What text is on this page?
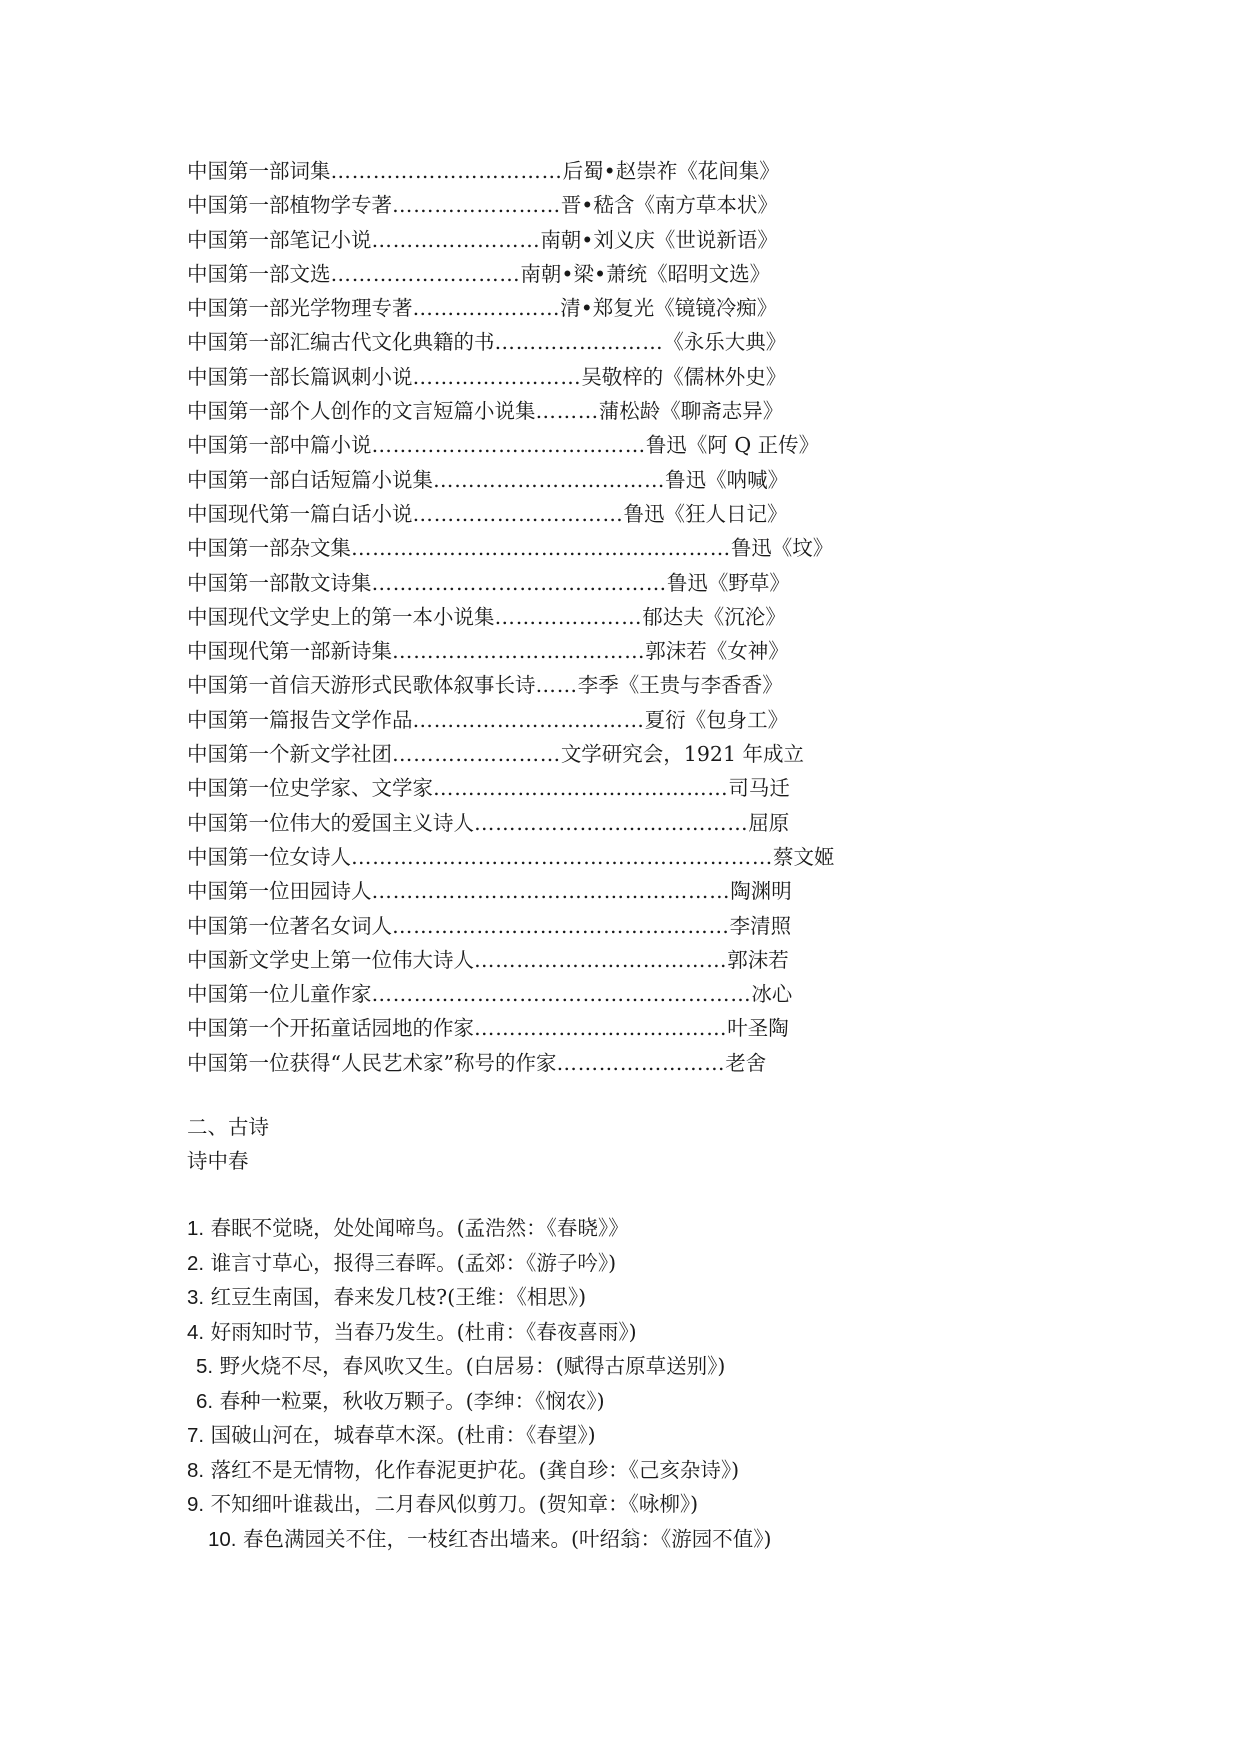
中国第一部词集……………………………后蜀•赵崇祚《花间集》
中国第一部植物学专著……………………晋•嵇含《南方草本状》
中国第一部笔记小说……………………南朝•刘义庆《世说新语》
中国第一部文选………………………南朝•梁•萧统《昭明文选》
中国第一部光学物理专著…………………清•郑复光《镜镜冷痴》
中国第一部汇编古代文化典籍的书……………………《永乐大典》
中国第一部长篇讽刺小说……………………吴敬梓的《儒林外史》
中国第一部个人创作的文言短篇小说集………蒲松龄《聊斋志异》
中国第一部中篇小说…………………………………鲁迅《阿 Q 正传》
中国第一部白话短篇小说集……………………………鲁迅《呐喊》
中国现代第一篇白话小说…………………………鲁迅《狂人日记》
中国第一部杂文集………………………………………………鲁迅《坟》
中国第一部散文诗集……………………………………鲁迅《野草》
中国现代文学史上的第一本小说集…………………郁达夫《沉沦》
中国现代第一部新诗集………………………………郭沫若《女神》
中国第一首信天游形式民歌体叙事长诗……李季《王贵与李香香》
中国第一篇报告文学作品……………………………夏衍《包身工》
中国第一个新文学社团……………………文学研究会，1921 年成立
中国第一位史学家、文学家……………………………………司马迁
中国第一位伟大的爱国主义诗人…………………………………屈原
中国第一位女诗人……………………………………………………蔡文姬
中国第一位田园诗人……………………………………………陶渊明
中国第一位著名女词人…………………………………………李清照
中国新文学史上第一位伟大诗人………………………………郭沫若
中国第一位儿童作家………………………………………………冰心
中国第一个开拓童话园地的作家………………………………叶圣陶
中国第一位获得“人民艺术家”称号的作家……………………老舍
二、古诗
诗中春
1. 春眠不觉晓，处处闻啼鸟。(孟浩然：《春晓》》
2. 谁言寸草心，报得三春晖。(孟郊：《游子吟》)
3. 红豆生南国，春来发几枝?(王维：《相思》)
4. 好雨知时节，当春乃发生。(杜甫：《春夜喜雨》)
5. 野火烧不尽，春风吹又生。(白居易：(赋得古原草送别》)
6. 春种一粒粟，秋收万颗子。(李绅：《悯农》)
7. 国破山河在，城春草木深。(杜甫：《春望》)
8. 落红不是无情物，化作春泥更护花。(龚自珍：《己亥杂诗》)
9. 不知细叶谁裁出，二月春风似剪刀。(贺知章：《咏柳》)
10. 春色满园关不住，一枝红杏出墙来。(叶绍翁：《游园不值》)
